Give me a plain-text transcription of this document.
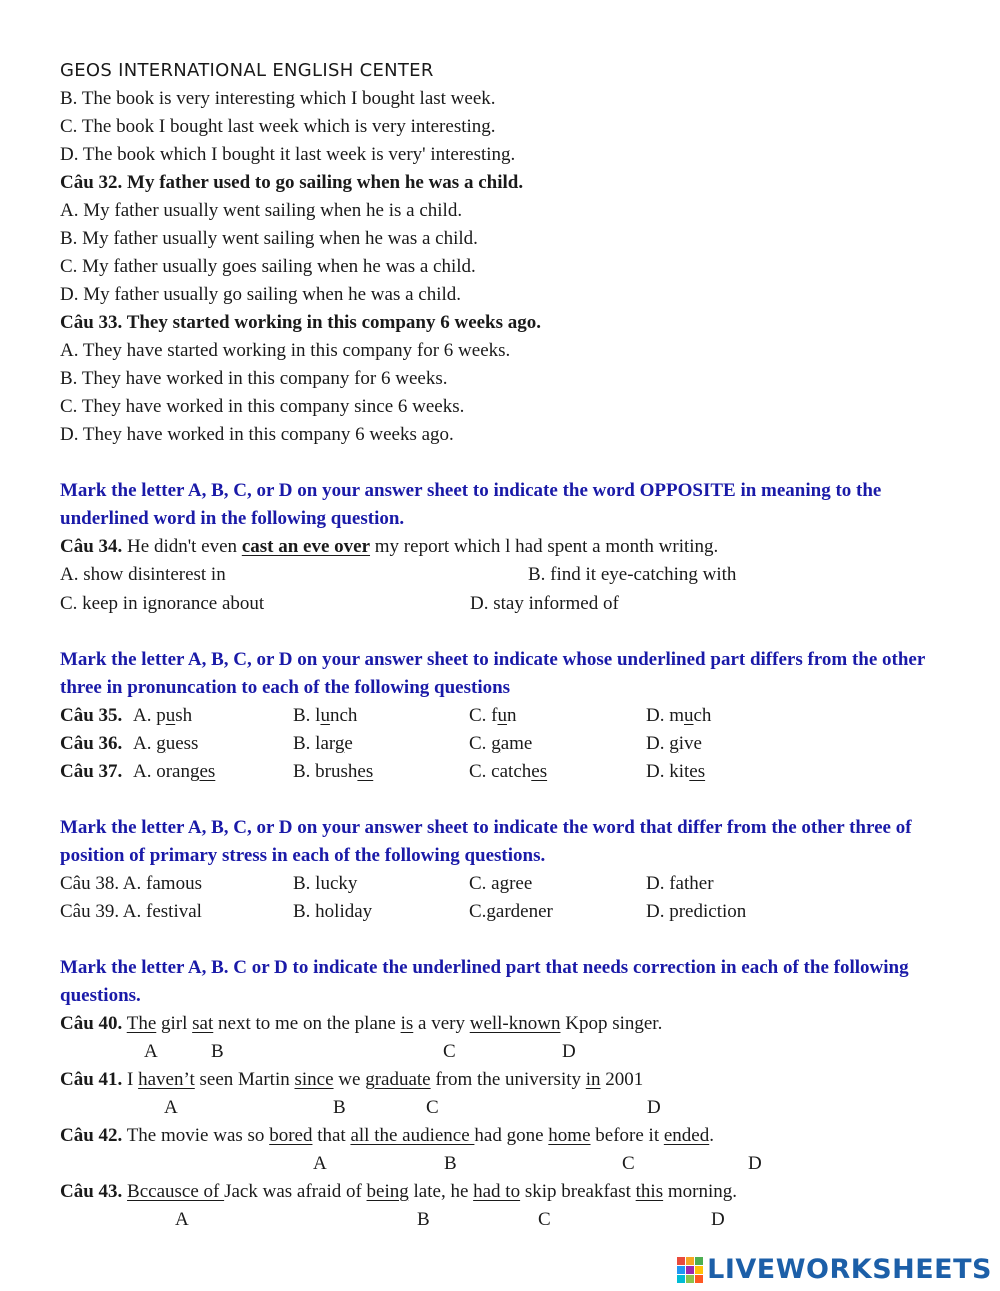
GEOS INTERNATIONAL ENGLISH CENTER
B. The book is very interesting which I bought last week.
C. The book I bought last week which is very interesting.
D. The book which I bought it last week is very' interesting.
Câu 32. My father used to go sailing when he was a child.
A. My father usually went sailing when he is a child.
B. My father usually went sailing when he was a child.
C. My father usually goes sailing when he was a child.
D. My father usually go sailing when he was a child.
Câu 33. They started working in this company 6 weeks ago.
A. They have started working in this company for 6 weeks.
B. They have worked in this company for 6 weeks.
C. They have worked in this company since 6 weeks.
D. They have worked in this company 6 weeks ago.
Mark the letter A, B, C, or D on your answer sheet to indicate the word OPPOSITE in meaning to the underlined word in the following question.
Câu 34. He didn't even cast an eve over my report which l had spent a month writing.
A. show disinterest in	B. find it eye-catching with
C. keep in ignorance about	D. stay informed of
Mark the letter A, B, C, or D on your answer sheet to indicate whose underlined part differs from the other three in pronuncation to each of the following questions
Câu 35. A. push	B. lunch	C. fun	D. much
Câu 36. A. guess	B. large	C. game	D. give
Câu 37. A. oranges	B. brushes	C. catches	D. kites
Mark the letter A, B, C, or D on your answer sheet to indicate the word that differ from the other three of position of primary stress in each of the following questions.
Câu 38. A. famous	B. lucky	C. agree	D. father
Câu 39. A. festival	B. holiday	C.gardener	D. prediction
Mark the letter A, B. C or D to indicate the underlined part that needs correction in each of the following questions.
Câu 40. The girl sat next to me on the plane is a very well-known Kpop singer.
A	B	C	D
Câu 41. I haven’t seen Martin since we graduate from the university in 2001
A	B	C	D
Câu 42. The movie was so bored that all the audience had gone home before it ended.
A	B	C	D
Câu 43. Bccauscе of Jack was afraid of being late, he had to skip breakfast this morning.
A	B	C	D
LIVEWORKSHEETS
